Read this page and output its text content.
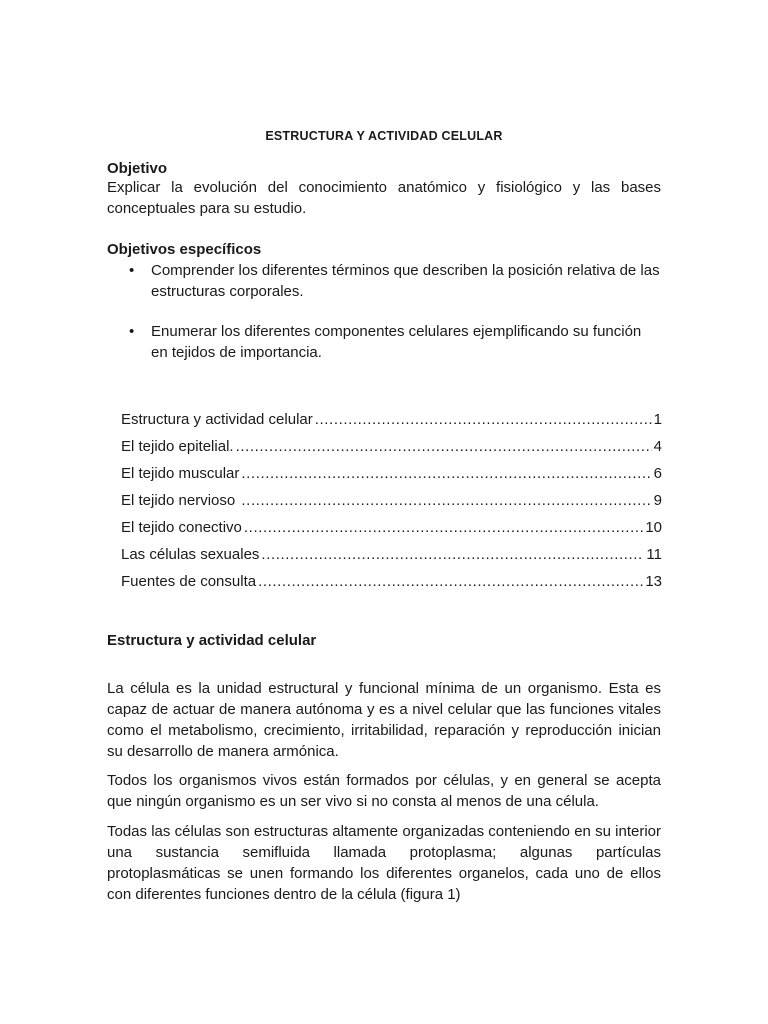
ESTRUCTURA Y ACTIVIDAD CELULAR
Objetivo

Explicar la evolución del conocimiento anatómico y fisiológico y las bases conceptuales para su estudio.

Objetivos específicos
• Comprender los diferentes términos que describen la posición relativa de las estructuras corporales.
• Enumerar los diferentes componentes celulares ejemplificando su función en tejidos de importancia.
Estructura y actividad celular .....	1
El tejido epitelial. .....	4
El tejido muscular .....	6
El tejido nervioso .....	9
El tejido conectivo .....	10
Las células sexuales .....	11
Fuentes de consulta .....	13
Estructura y actividad celular

La célula es la unidad estructural y funcional mínima de un organismo. Esta es capaz de actuar de manera autónoma y es a nivel celular que las funciones vitales como el metabolismo, crecimiento, irritabilidad, reparación y reproducción inician su desarrollo de manera armónica.

Todos los organismos vivos están formados por células, y en general se acepta que ningún organismo es un ser vivo si no consta al menos de una célula.

Todas las células son estructuras altamente organizadas conteniendo en su interior una sustancia semifluida llamada protoplasma; algunas partículas protoplasmáticas se unen formando los diferentes organelos, cada uno de ellos con diferentes funciones dentro de la célula (figura 1)
